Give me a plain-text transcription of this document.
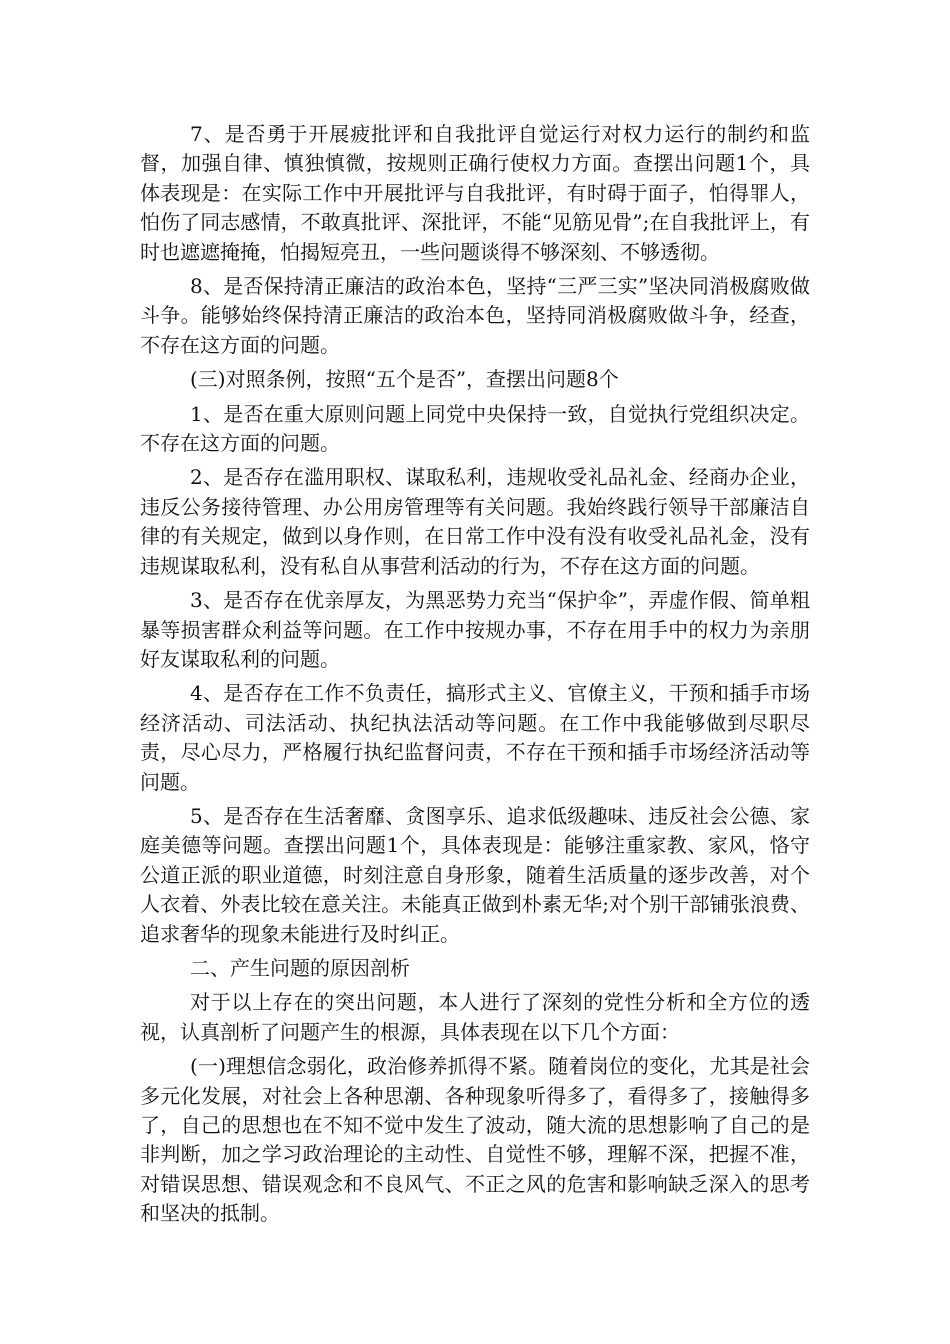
7、是否勇于开展疲批评和自我批评自觉运行对权力运行的制约和监督，加强自律、慎独慎微，按规则正确行使权力方面。查摆出问题1个，具体表现是：在实际工作中开展批评与自我批评，有时碍于面子，怕得罪人，怕伤了同志感情，不敢真批评、深批评，不能“见筋见骨”;在自我批评上，有时也遮遮掩掩，怕揭短亮丑，一些问题谈得不够深刻、不够透彻。

8、是否保持清正廉洁的政治本色，坚持“三严三实”坚决同消极腐败做斗争。能够始终保持清正廉洁的政治本色，坚持同消极腐败做斗争，经查，不存在这方面的问题。

(三)对照条例，按照“五个是否”，查摆出问题8个

1、是否在重大原则问题上同党中央保持一致，自觉执行党组织决定。不存在这方面的问题。

2、是否存在滥用职权、谋取私利，违规收受礼品礼金、经商办企业，违反公务接待管理、办公用房管理等有关问题。我始终践行领导干部廉洁自律的有关规定，做到以身作则，在日常工作中没有没有收受礼品礼金，没有违规谋取私利，没有私自从事营利活动的行为，不存在这方面的问题。

3、是否存在优亲厚友，为黑恶势力充当“保护伞”，弄虚作假、简单粗暴等损害群众利益等问题。在工作中按规办事，不存在用手中的权力为亲朋好友谋取私利的问题。

4、是否存在工作不负责任，搞形式主义、官僚主义，干预和插手市场经济活动、司法活动、执纪执法活动等问题。在工作中我能够做到尽职尽责，尽心尽力，严格履行执纪监督问责，不存在干预和插手市场经济活动等问题。

5、是否存在生活奢靡、贪图享乐、追求低级趣味、违反社会公德、家庭美德等问题。查摆出问题1个，具体表现是：能够注重家教、家风，恪守公道正派的职业道德，时刻注意自身形象，随着生活质量的逐步改善，对个人衣着、外表比较在意关注。未能真正做到朴素无华;对个别干部铺张浪费、追求奢华的现象未能进行及时纠正。

二、产生问题的原因剖析

对于以上存在的突出问题，本人进行了深刻的党性分析和全方位的透视，认真剖析了问题产生的根源，具体表现在以下几个方面：

(一)理想信念弱化，政治修养抓得不紧。随着岗位的变化，尤其是社会多元化发展，对社会上各种思潮、各种现象听得多了，看得多了，接触得多了，自己的思想也在不知不觉中发生了波动，随大流的思想影响了自己的是非判断，加之学习政治理论的主动性、自觉性不够，理解不深，把握不准，对错误思想、错误观念和不良风气、不正之风的危害和影响缺乏深入的思考和坚决的抵制。
